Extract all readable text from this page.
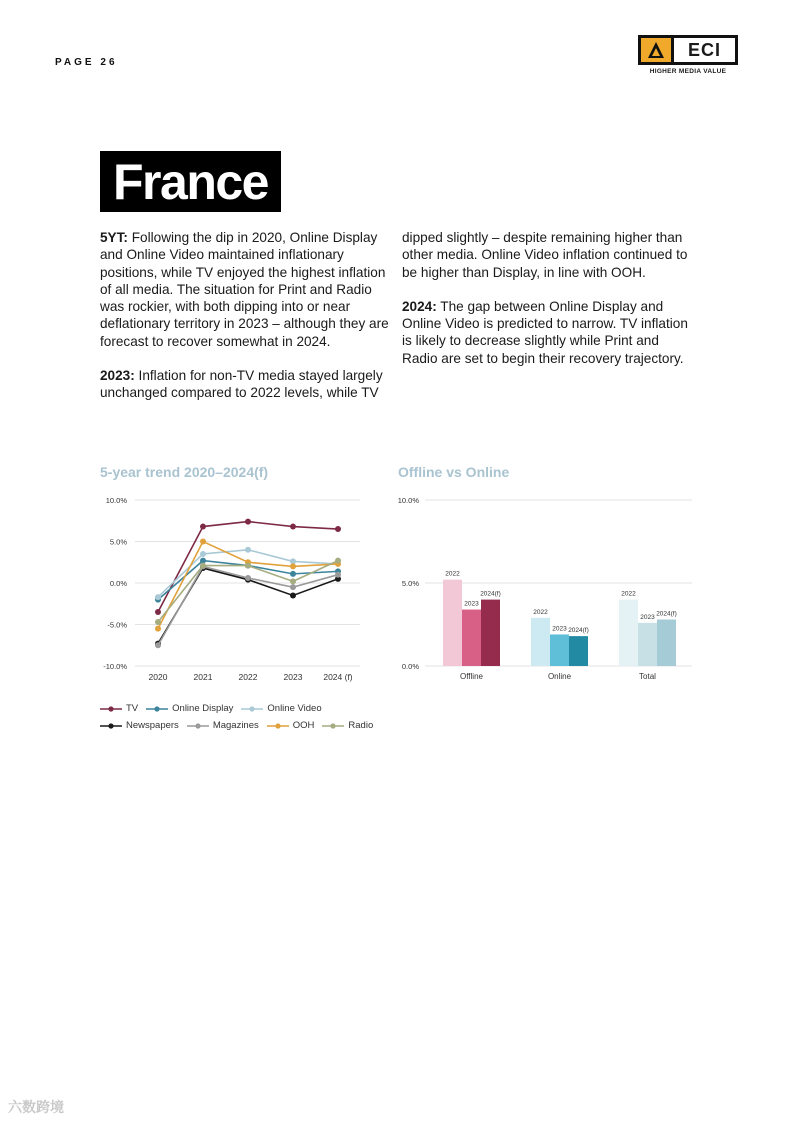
PAGE 26
ECI
HIGHER MEDIA VALUE
France

5YT: Following the dip in 2020, Online Display and Online Video maintained inflationary positions, while TV enjoyed the highest inflation of all media. The situation for Print and Radio was rockier, with both dipping into or near deflationary territory in 2023 – although they are forecast to recover somewhat in 2024.

2023: Inflation for non-TV media stayed largely unchanged compared to 2022 levels, while TV

dipped slightly – despite remaining higher than other media. Online Video inflation continued to be higher than Display, in line with OOH.

2024: The gap between Online Display and Online Video is predicted to narrow. TV inflation is likely to decrease slightly while Print and Radio are set to begin their recovery trajectory.

5-year trend 2020–2024(f)
10.0%
5.0%
0.0%
-5.0%
-10.0%
2020	2021	2022	2023 2024 (f)
TV	Online Display	Online Video
Newspapers	Magazines	OOH	Radio
Offline vs Online
10.0%
5.0%
0.0%
2022
2023
2024(f)
Offline
2022
2023 2024(f)
Online
2022
2023 2024(f)
Total
六数跨境
